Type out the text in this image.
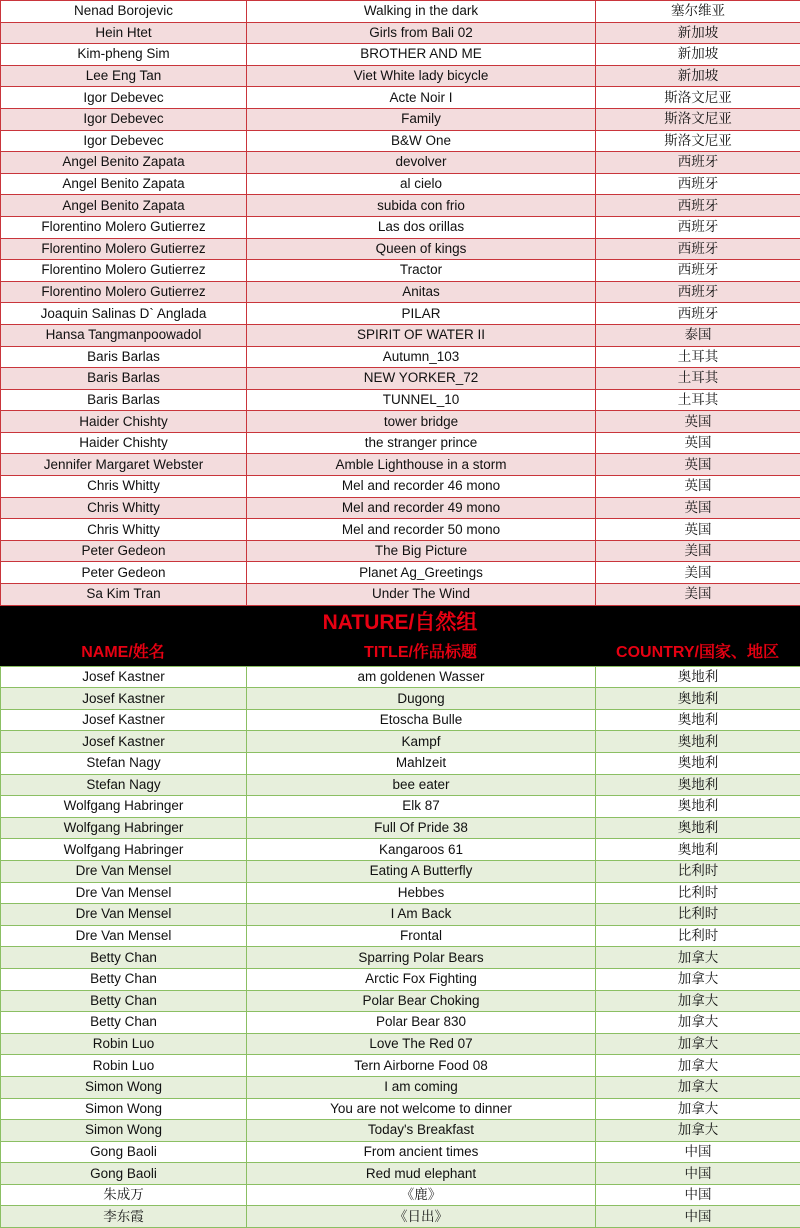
Nenad Borojevic	Walking in the dark	塞尔维亚
Hein Htet	Girls from Bali 02	新加坡
Kim-pheng Sim	BROTHER AND ME	新加坡
Lee Eng Tan	Viet White lady bicycle	新加坡
Igor Debevec	Acte Noir I	斯洛文尼亚
Igor Debevec	Family	斯洛文尼亚
Igor Debevec	B&W One	斯洛文尼亚
Angel Benito Zapata	devolver	西班牙
Angel Benito Zapata	al cielo	西班牙
Angel Benito Zapata	subida con frio	西班牙
Florentino Molero Gutierrez	Las dos orillas	西班牙
Florentino Molero Gutierrez	Queen of kings	西班牙
Florentino Molero Gutierrez	Tractor	西班牙
Florentino Molero Gutierrez	Anitas	西班牙
Joaquin Salinas D` Anglada	PILAR	西班牙
Hansa Tangmanpoowadol	SPIRIT OF WATER II	泰国
Baris Barlas	Autumn_103	土耳其
Baris Barlas	NEW YORKER_72	土耳其
Baris Barlas	TUNNEL_10	土耳其
Haider Chishty	tower bridge	英国
Haider Chishty	the stranger prince	英国
Jennifer Margaret Webster	Amble Lighthouse in a storm	英国
Chris Whitty	Mel and recorder 46 mono	英国
Chris Whitty	Mel and recorder 49 mono	英国
Chris Whitty	Mel and recorder 50 mono	英国
Peter Gedeon	The Big Picture	美国
Peter Gedeon	Planet Ag_Greetings	美国
Sa Kim Tran	Under The Wind	美国
NATURE/自然组
NAME/姓名	TITLE/作品标题	COUNTRY/国家、地区
Josef Kastner	am goldenen Wasser	奥地利
Josef Kastner	Dugong	奥地利
Josef Kastner	Etoscha Bulle	奥地利
Josef Kastner	Kampf	奥地利
Stefan Nagy	Mahlzeit	奥地利
Stefan Nagy	bee eater	奥地利
Wolfgang Habringer	Elk 87	奥地利
Wolfgang Habringer	Full Of Pride 38	奥地利
Wolfgang Habringer	Kangaroos 61	奥地利
Dre Van Mensel	Eating A Butterfly	比利时
Dre Van Mensel	Hebbes	比利时
Dre Van Mensel	I Am Back	比利时
Dre Van Mensel	Frontal	比利时
Betty Chan	Sparring Polar Bears	加拿大
Betty Chan	Arctic Fox Fighting	加拿大
Betty Chan	Polar Bear Choking	加拿大
Betty Chan	Polar Bear 830	加拿大
Robin Luo	Love The Red 07	加拿大
Robin Luo	Tern Airborne Food 08	加拿大
Simon Wong	I am coming	加拿大
Simon Wong	You are not welcome to dinner	加拿大
Simon Wong	Today's Breakfast	加拿大
Gong Baoli	From ancient times	中国
Gong Baoli	Red mud elephant	中国
朱成万	《鹿》	中国
李东霞	《日出》	中国
